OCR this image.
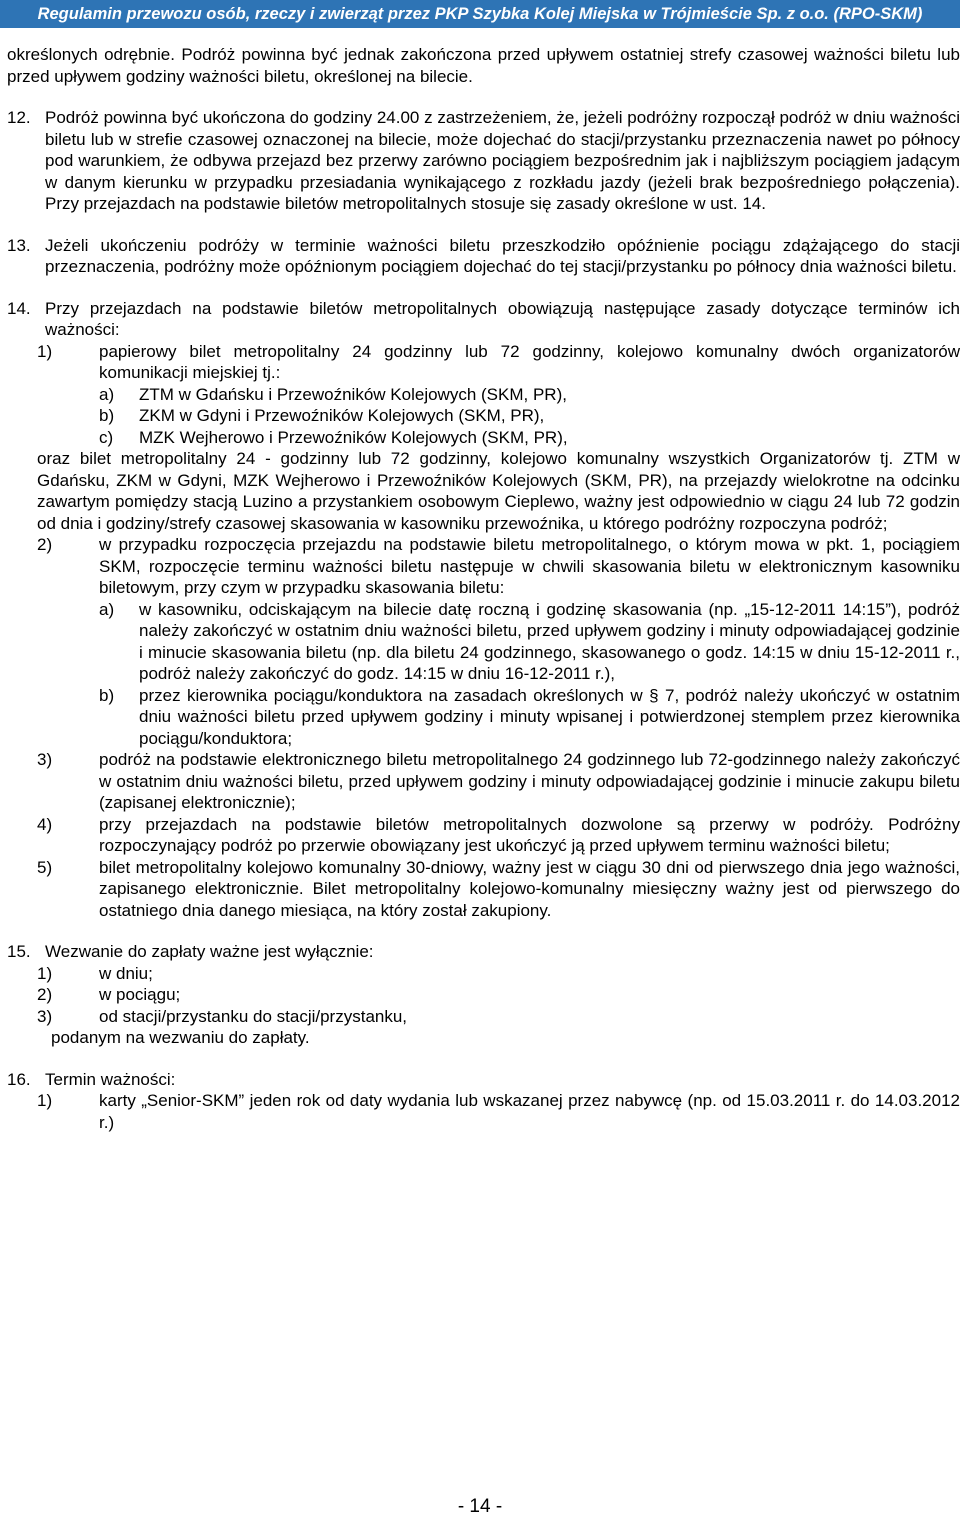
Regulamin przewozu osób, rzeczy i zwierząt przez PKP Szybka Kolej Miejska w Trójmieście Sp. z o.o. (RPO-SKM)

określonych odrębnie. Podróż powinna być jednak zakończona przed upływem ostatniej strefy czasowej ważności biletu lub przed upływem godziny ważności biletu, określonej na bilecie.

12. Podróż powinna być ukończona do godziny 24.00 z zastrzeżeniem, że, jeżeli podróżny rozpoczął podróż w dniu ważności biletu lub w strefie czasowej oznaczonej na bilecie, może dojechać do stacji/przystanku przeznaczenia nawet po północy pod warunkiem, że odbywa przejazd bez przerwy zarówno pociągiem bezpośrednim jak i najbliższym pociągiem jadącym w danym kierunku w przypadku przesiadania wynikającego z rozkładu jazdy (jeżeli brak bezpośredniego połączenia). Przy przejazdach na podstawie biletów metropolitalnych stosuje się zasady określone w ust. 14.

13. Jeżeli ukończeniu podróży w terminie ważności biletu przeszkodziło opóźnienie pociągu zdążającego do stacji przeznaczenia, podróżny może opóźnionym pociągiem dojechać do tej stacji/przystanku po północy dnia ważności biletu.

14. Przy przejazdach na podstawie biletów metropolitalnych obowiązują następujące zasady dotyczące terminów ich ważności:

1)	papierowy bilet metropolitalny 24 godzinny lub 72 godzinny, kolejowo komunalny dwóch organizatorów komunikacji miejskiej tj.:
a)	ZTM w Gdańsku i Przewoźników Kolejowych (SKM, PR),
b)	ZKM w Gdyni i Przewoźników Kolejowych (SKM, PR),
c)	MZK Wejherowo i Przewoźników Kolejowych (SKM, PR),

oraz bilet metropolitalny 24 - godzinny lub 72 godzinny, kolejowo komunalny wszystkich Organizatorów tj. ZTM w Gdańsku, ZKM w Gdyni, MZK Wejherowo i Przewoźników Kolejowych (SKM, PR), na przejazdy wielokrotne na odcinku zawartym pomiędzy stacją Luzino a przystankiem osobowym Cieplewo, ważny jest odpowiednio w ciągu 24 lub 72 godzin od dnia i godziny/strefy czasowej skasowania w kasowniku przewoźnika, u którego podróżny rozpoczyna podróż;

2)	w przypadku rozpoczęcia przejazdu na podstawie biletu metropolitalnego, o którym mowa w pkt. 1, pociągiem SKM, rozpoczęcie terminu ważności biletu następuje w chwili skasowania biletu w elektronicznym kasowniku biletowym, przy czym w przypadku skasowania biletu:
a)	w kasowniku, odciskającym na bilecie datę roczną i godzinę skasowania (np. „15-12-2011 14:15”), podróż należy zakończyć w ostatnim dniu ważności biletu, przed upływem godziny i minuty odpowiadającej godzinie i minucie skasowania biletu (np. dla biletu 24 godzinnego, skasowanego o godz. 14:15 w dniu 15-12-2011 r., podróż należy zakończyć do godz. 14:15 w dniu 16-12-2011 r.),
b)	przez kierownika pociągu/konduktora na zasadach określonych w § 7, podróż należy ukończyć w ostatnim dniu ważności biletu przed upływem godziny i minuty wpisanej i potwierdzonej stemplem przez kierownika pociągu/konduktora;
3)	podróż na podstawie elektronicznego biletu metropolitalnego 24 godzinnego lub 72-godzinnego należy zakończyć w ostatnim dniu ważności biletu, przed upływem godziny i minuty odpowiadającej godzinie i minucie zakupu biletu (zapisanej elektronicznie);
4)	przy przejazdach na podstawie biletów metropolitalnych dozwolone są przerwy w podróży. Podróżny rozpoczynający podróż po przerwie obowiązany jest ukończyć ją przed upływem terminu ważności biletu;
5)	bilet metropolitalny kolejowo komunalny 30-dniowy, ważny jest w ciągu 30 dni od pierwszego dnia jego ważności, zapisanego elektronicznie. Bilet metropolitalny kolejowo-komunalny miesięczny ważny jest od pierwszego do ostatniego dnia danego miesiąca, na który został zakupiony.
15. Wezwanie do zapłaty ważne jest wyłącznie:

1)	w dniu;
2)	w pociągu;
3)	od stacji/przystanku do stacji/przystanku,

podanym na wezwaniu do zapłaty.

16. Termin ważności:

1)	karty „Senior-SKM” jeden rok od daty wydania lub wskazanej przez nabywcę (np. od 15.03.2011 r. do 14.03.2012 r.)
- 14 -
